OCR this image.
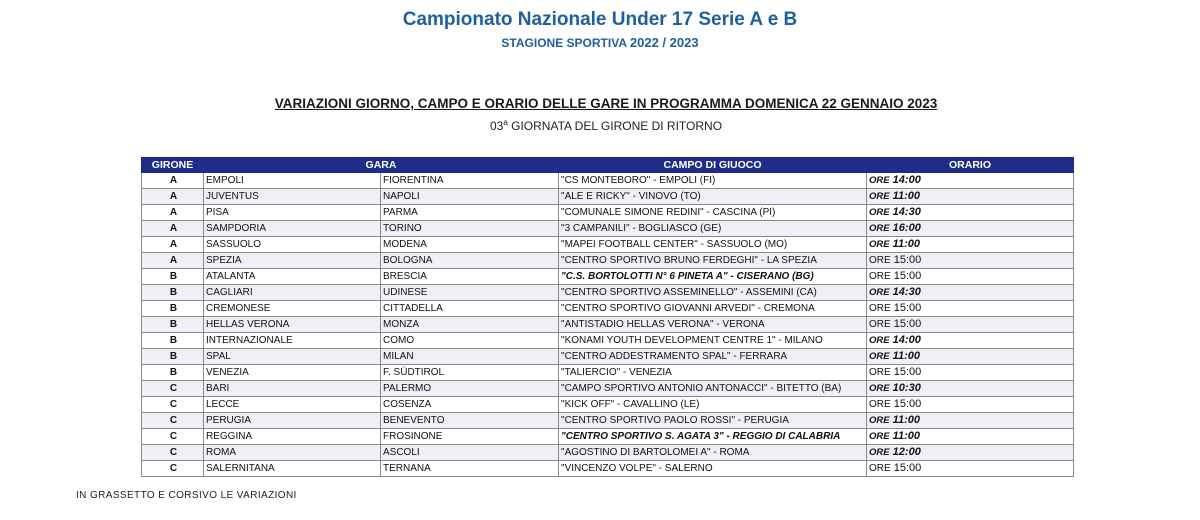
Campionato Nazionale Under 17 Serie A e B
STAGIONE SPORTIVA 2022 / 2023
VARIAZIONI GIORNO, CAMPO E ORARIO DELLE GARE IN PROGRAMMA DOMENICA 22 GENNAIO 2023
03$^a$ GIORNATA DEL GIRONE DI RITORNO
GIRONE	GARA		CAMPO DI GIUOCO	ORARIO
A	EMPOLI	FIORENTINA	"CS MONTEBORO" - EMPOLI (FI)	ORE 14:00
A	JUVENTUS	NAPOLI	"ALE E RICKY" - VINOVO (TO)	ORE 11:00
A	PISA	PARMA	"COMUNALE SIMONE REDINI" - CASCINA (PI)	ORE 14:30
A	SAMPDORIA	TORINO	"3 CAMPANILI" - BOGLIASCO (GE)	ORE 16:00
A	SASSUOLO	MODENA	"MAPEI FOOTBALL CENTER" - SASSUOLO (MO)	ORE 11:00
A	SPEZIA	BOLOGNA	"CENTRO SPORTIVO BRUNO FERDEGHI" - LA SPEZIA	ORE 15:00
B	ATALANTA	BRESCIA	"C.S. BORTOLOTTI N° 6 PINETA A" - CISERANO (BG)	ORE 15:00
B	CAGLIARI	UDINESE	"CENTRO SPORTIVO ASSEMINELLO" - ASSEMINI (CA)	ORE 14:30
B	CREMONESE	CITTADELLA	"CENTRO SPORTIVO GIOVANNI ARVEDI" - CREMONA	ORE 15:00
B	HELLAS VERONA	MONZA	"ANTISTADIO HELLAS VERONA" - VERONA	ORE 15:00
B	INTERNAZIONALE	COMO	"KONAMI YOUTH DEVELOPMENT CENTRE 1" - MILANO	ORE 14:00
B	SPAL	MILAN	"CENTRO ADDESTRAMENTO SPAL" - FERRARA	ORE 11:00
B	VENEZIA	F. SÜDTIROL	"TALIERCIO" - VENEZIA	ORE 15:00
C	BARI	PALERMO	"CAMPO SPORTIVO ANTONIO ANTONACCI" - BITETTO (BA)	ORE 10:30
C	LECCE	COSENZA	"KICK OFF" - CAVALLINO (LE)	ORE 15:00
C	PERUGIA	BENEVENTO	"CENTRO SPORTIVO PAOLO ROSSI" - PERUGIA	ORE 11:00
C	REGGINA	FROSINONE	"CENTRO SPORTIVO S. AGATA 3" - REGGIO DI CALABRIA	ORE 11:00
C	ROMA	ASCOLI	"AGOSTINO DI BARTOLOMEI A" - ROMA	ORE 12:00
C	SALERNITANA	TERNANA	"VINCENZO VOLPE" - SALERNO	ORE 15:00
IN GRASSETTO E CORSIVO LE VARIAZIONI
